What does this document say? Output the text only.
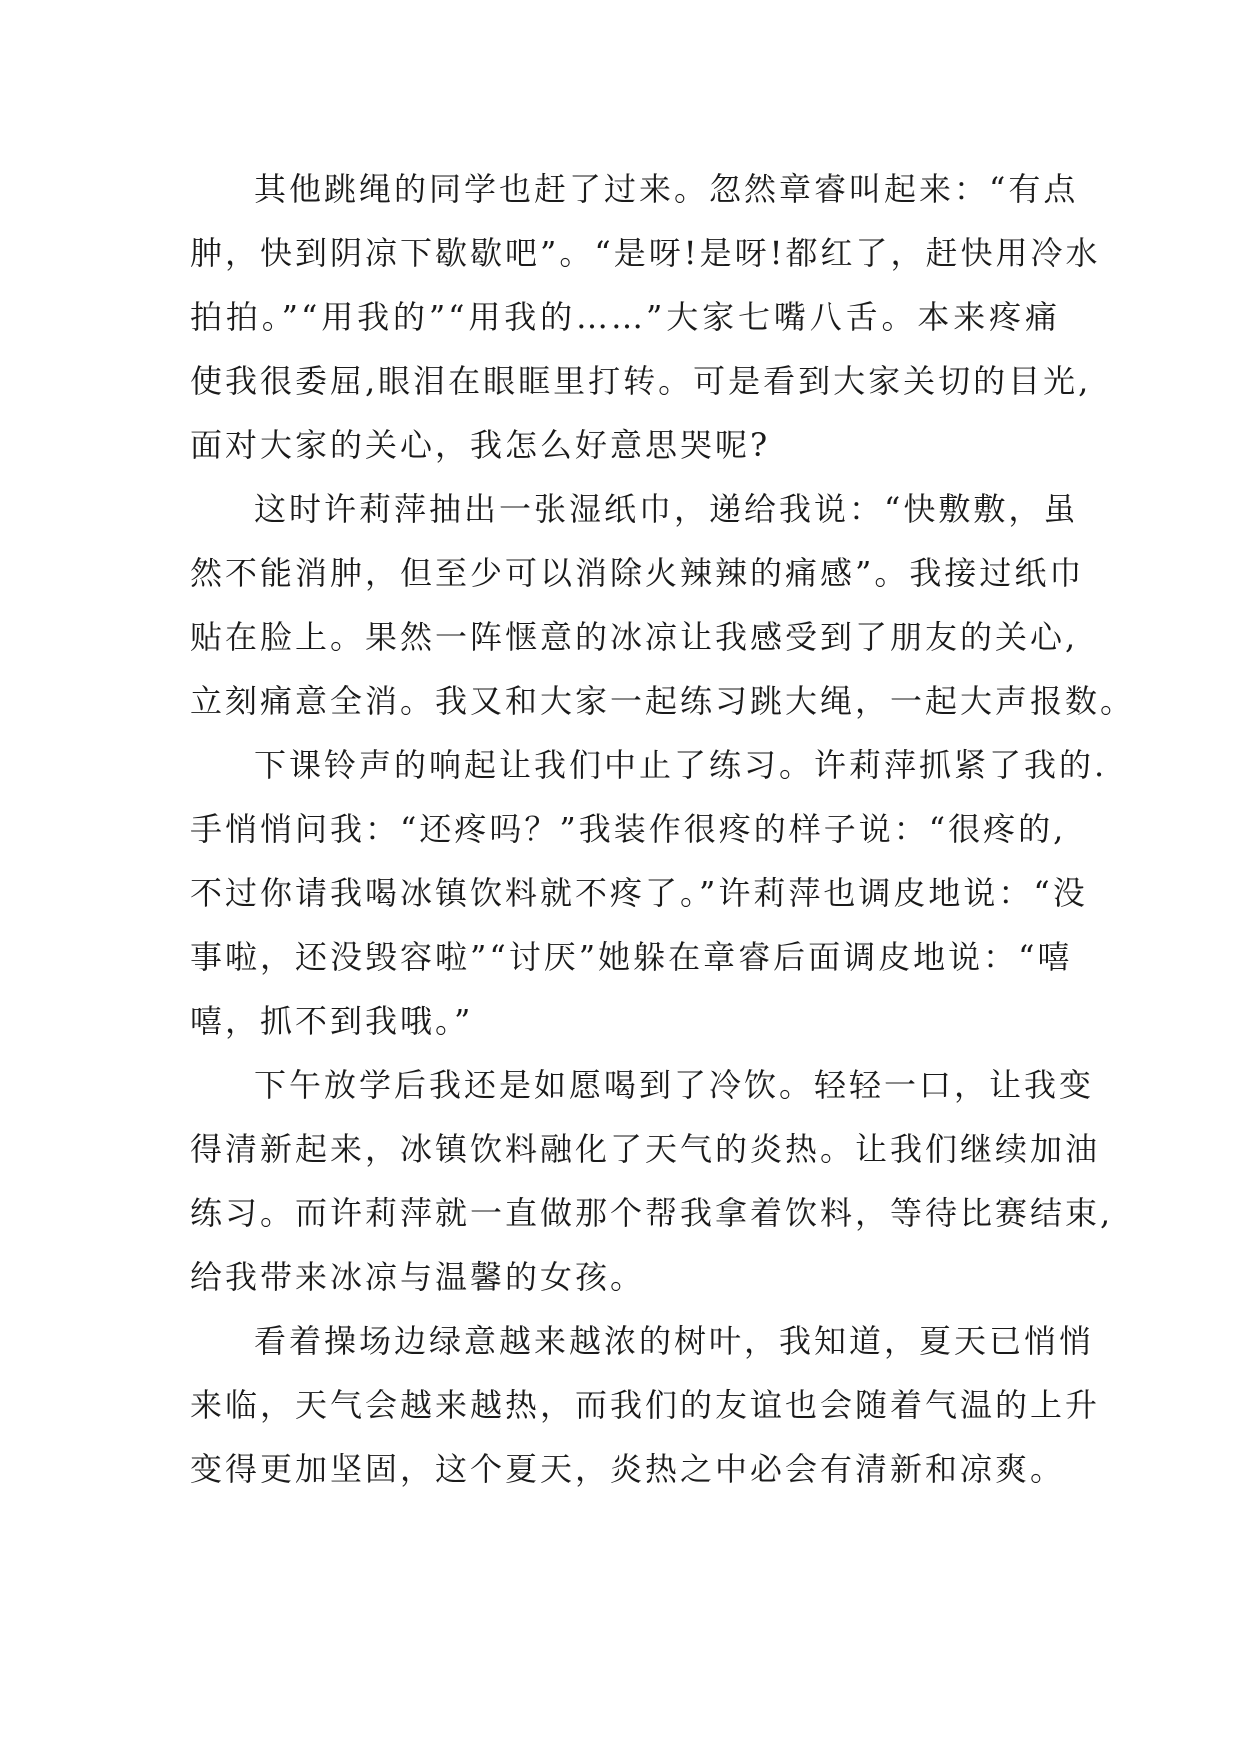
其他跳绳的同学也赶了过来。忽然章睿叫起来：“有点
肿，快到阴凉下歇歇吧”。“是呀!是呀!都红了，赶快用冷水
拍拍。”“用我的”“用我的……”大家七嘴八舌。本来疼痛
使我很委屈,眼泪在眼眶里打转。可是看到大家关切的目光,
面对大家的关心，我怎么好意思哭呢?

这时许莉萍抽出一张湿纸巾，递给我说：“快敷敷，虽
然不能消肿，但至少可以消除火辣辣的痛感”。我接过纸巾
贴在脸上。果然一阵惬意的冰凉让我感受到了朋友的关心,
立刻痛意全消。我又和大家一起练习跳大绳，一起大声报数。

下课铃声的响起让我们中止了练习。许莉萍抓紧了我的.
手悄悄问我：“还疼吗？”我装作很疼的样子说：“很疼的,
不过你请我喝冰镇饮料就不疼了。”许莉萍也调皮地说：“没
事啦，还没毁容啦”“讨厌”她躲在章睿后面调皮地说：“嘻
嘻，抓不到我哦。”

下午放学后我还是如愿喝到了冷饮。轻轻一口，让我变
得清新起来，冰镇饮料融化了天气的炎热。让我们继续加油
练习。而许莉萍就一直做那个帮我拿着饮料，等待比赛结束,
给我带来冰凉与温馨的女孩。

看着操场边绿意越来越浓的树叶，我知道，夏天已悄悄
来临，天气会越来越热，而我们的友谊也会随着气温的上升
变得更加坚固，这个夏天，炎热之中必会有清新和凉爽。
